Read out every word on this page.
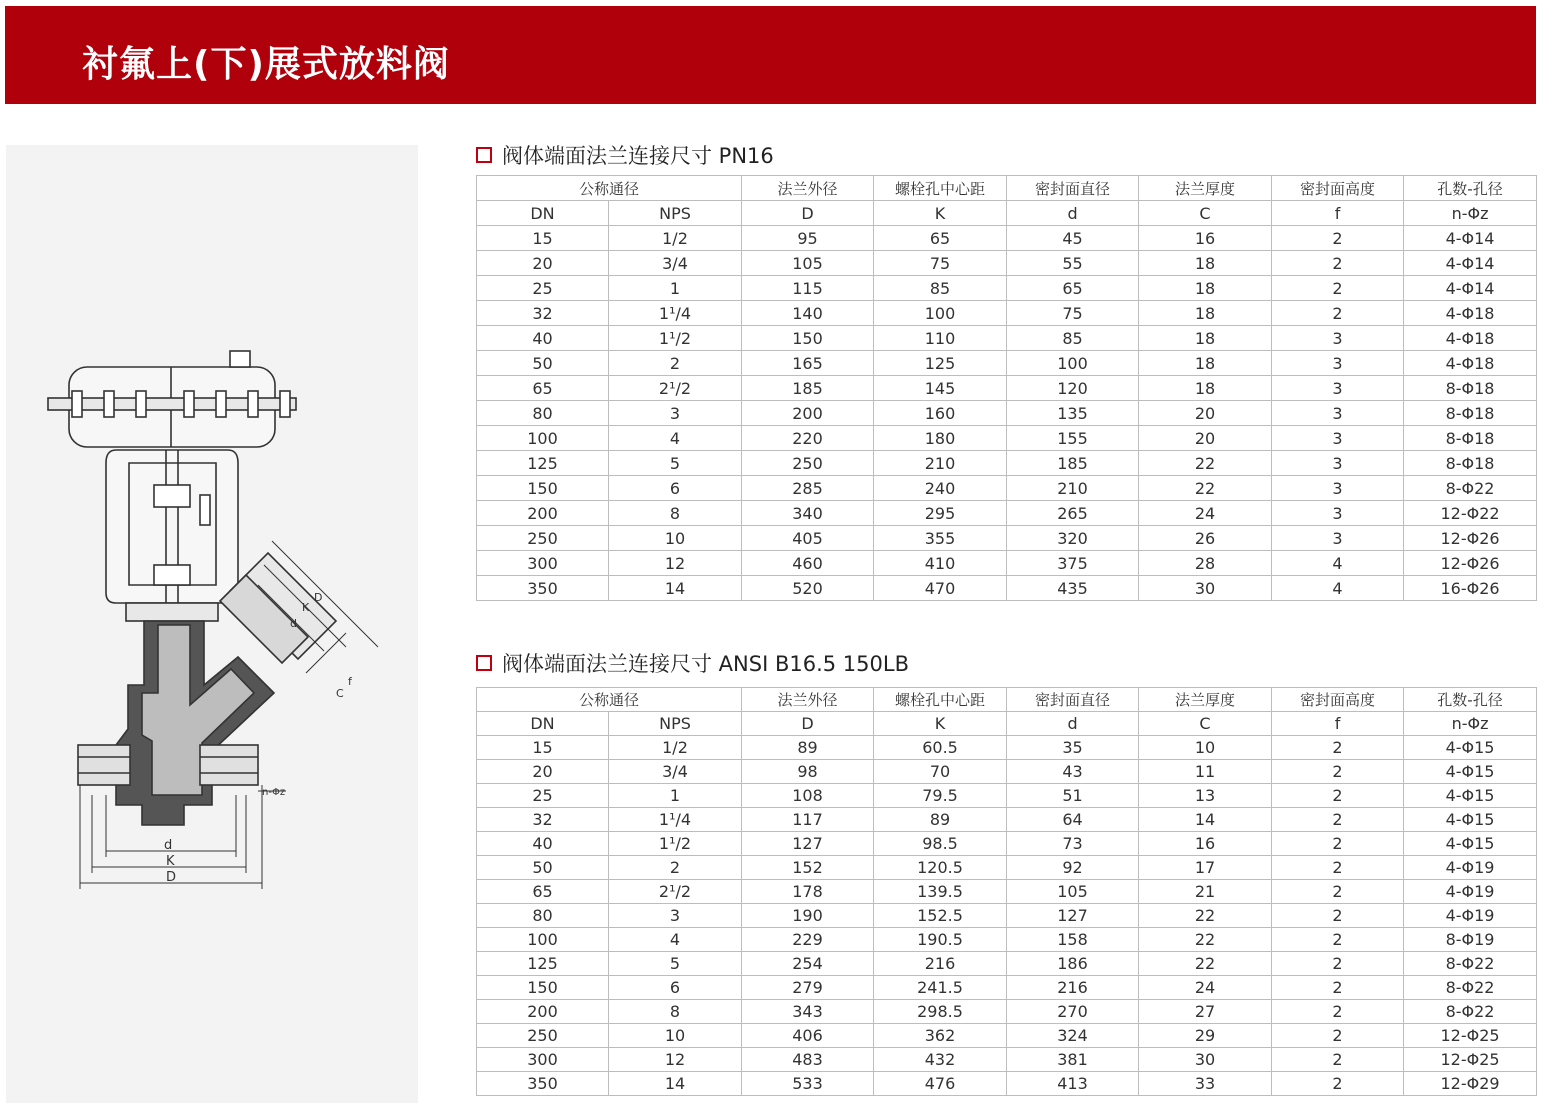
衬氟上(下)展式放料阀
d
K
D
n-Φz
D
K
d
C
f
阀体端面法兰连接尺寸 PN16
公称通径		法兰外径	螺栓孔中心距	密封面直径	法兰厚度	密封面高度	孔数-孔径
DN	NPS	D	K	d	C	f	n-Φz
15	1/2	95	65	45	16	2	4-Φ14
20	3/4	105	75	55	18	2	4-Φ14
25	1	115	85	65	18	2	4-Φ14
32	1¹/4	140	100	75	18	2	4-Φ18
40	1¹/2	150	110	85	18	3	4-Φ18
50	2	165	125	100	18	3	4-Φ18
65	2¹/2	185	145	120	18	3	8-Φ18
80	3	200	160	135	20	3	8-Φ18
100	4	220	180	155	20	3	8-Φ18
125	5	250	210	185	22	3	8-Φ18
150	6	285	240	210	22	3	8-Φ22
200	8	340	295	265	24	3	12-Φ22
250	10	405	355	320	26	3	12-Φ26
300	12	460	410	375	28	4	12-Φ26
350	14	520	470	435	30	4	16-Φ26
阀体端面法兰连接尺寸 ANSI B16.5 150LB
公称通径		法兰外径	螺栓孔中心距	密封面直径	法兰厚度	密封面高度	孔数-孔径
DN	NPS	D	K	d	C	f	n-Φz
15	1/2	89	60.5	35	10	2	4-Φ15
20	3/4	98	70	43	11	2	4-Φ15
25	1	108	79.5	51	13	2	4-Φ15
32	1¹/4	117	89	64	14	2	4-Φ15
40	1¹/2	127	98.5	73	16	2	4-Φ15
50	2	152	120.5	92	17	2	4-Φ19
65	2¹/2	178	139.5	105	21	2	4-Φ19
80	3	190	152.5	127	22	2	4-Φ19
100	4	229	190.5	158	22	2	8-Φ19
125	5	254	216	186	22	2	8-Φ22
150	6	279	241.5	216	24	2	8-Φ22
200	8	343	298.5	270	27	2	8-Φ22
250	10	406	362	324	29	2	12-Φ25
300	12	483	432	381	30	2	12-Φ25
350	14	533	476	413	33	2	12-Φ29
